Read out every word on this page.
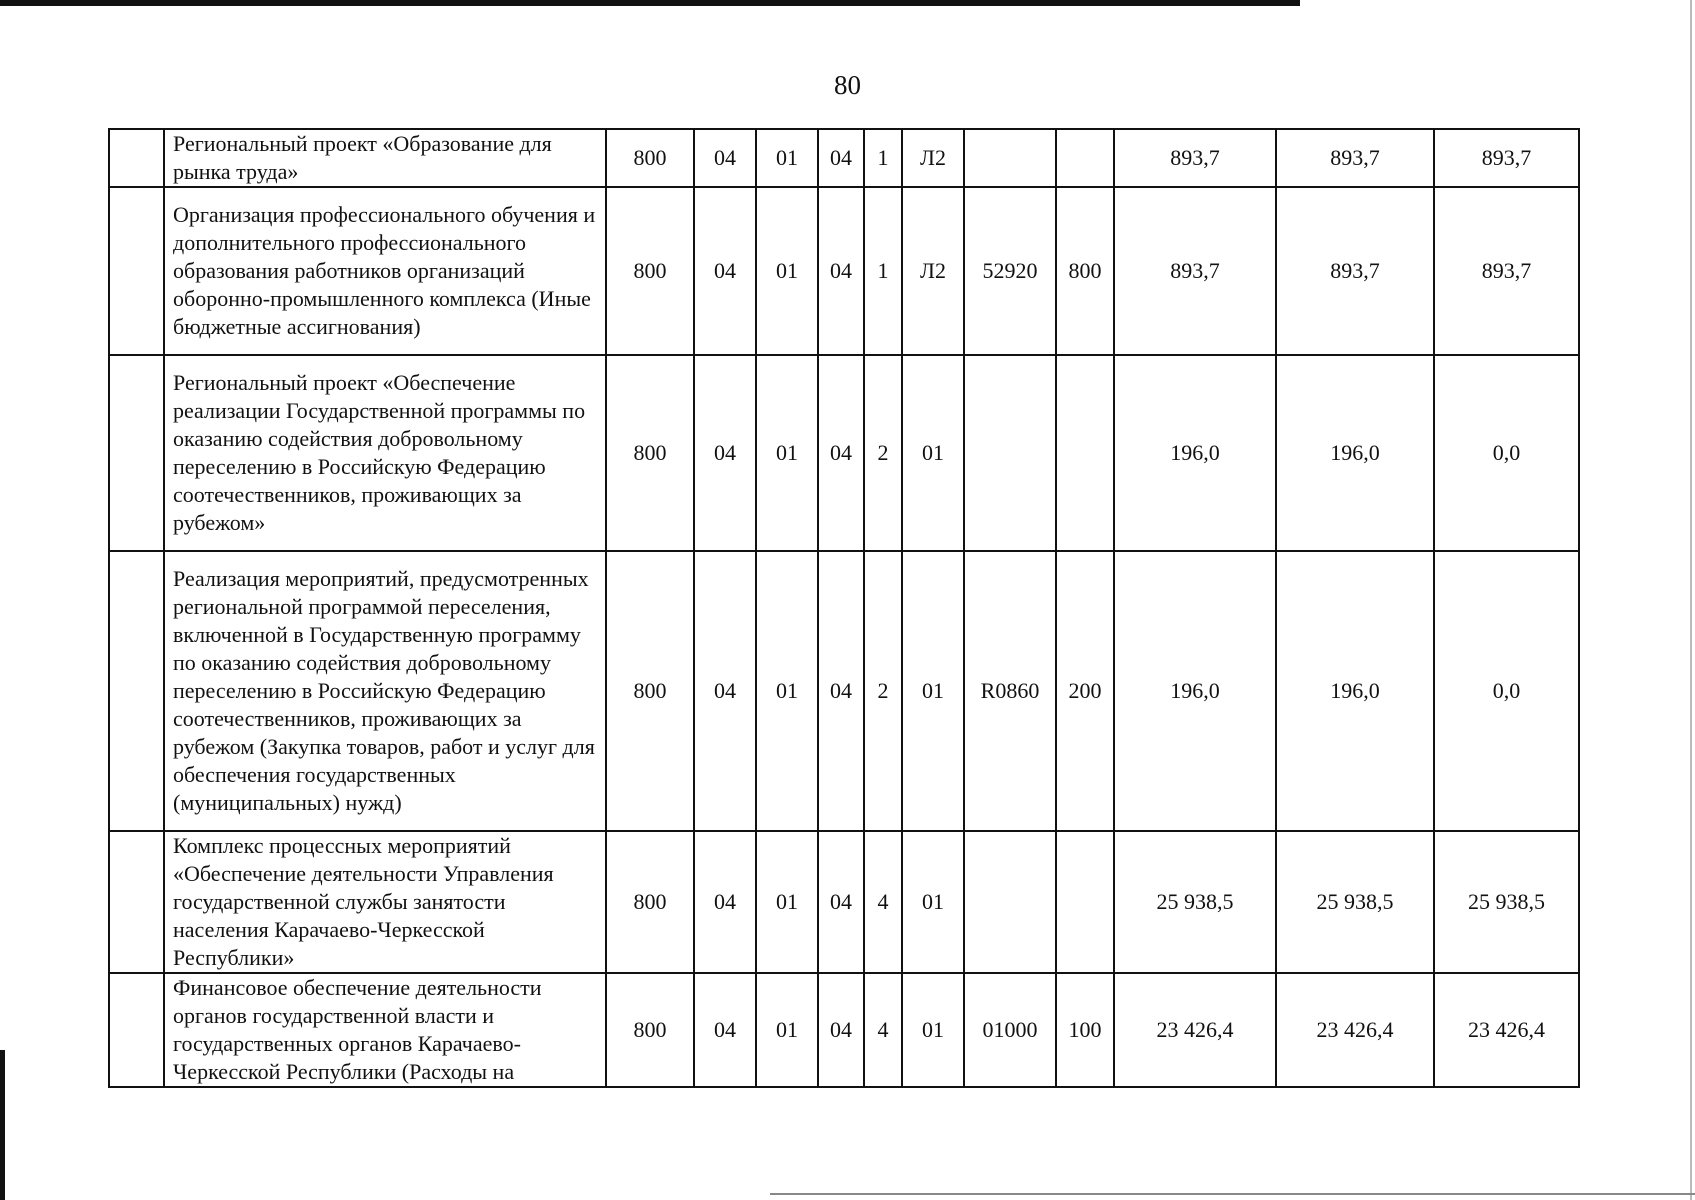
80
	Региональный проект «Образование для рынка труда»	800	04	01	04	1	Л2			893,7	893,7	893,7
	Организация профессионального обучения и дополнительного профессионального образования работников организаций оборонно-промышленного комплекса (Иные бюджетные ассигнования)	800	04	01	04	1	Л2	52920	800	893,7	893,7	893,7
	Региональный проект «Обеспечение реализации Государственной программы по оказанию содействия добровольному переселению в Российскую Федерацию соотечественников, проживающих за рубежом»	800	04	01	04	2	01			196,0	196,0	0,0
	Реализация мероприятий, предусмотренных региональной программой переселения, включенной в Государственную программу по оказанию содействия добровольному переселению в Российскую Федерацию соотечественников, проживающих за рубежом (Закупка товаров, работ и услуг для обеспечения государственных (муниципальных) нужд)	800	04	01	04	2	01	R0860	200	196,0	196,0	0,0
	Комплекс процессных мероприятий «Обеспечение деятельности Управления государственной службы занятости населения Карачаево-Черкесской Республики»	800	04	01	04	4	01			25 938,5	25 938,5	25 938,5
	Финансовое обеспечение деятельности органов государственной власти и государственных органов Карачаево-Черкесской Республики (Расходы на	800	04	01	04	4	01	01000	100	23 426,4	23 426,4	23 426,4
